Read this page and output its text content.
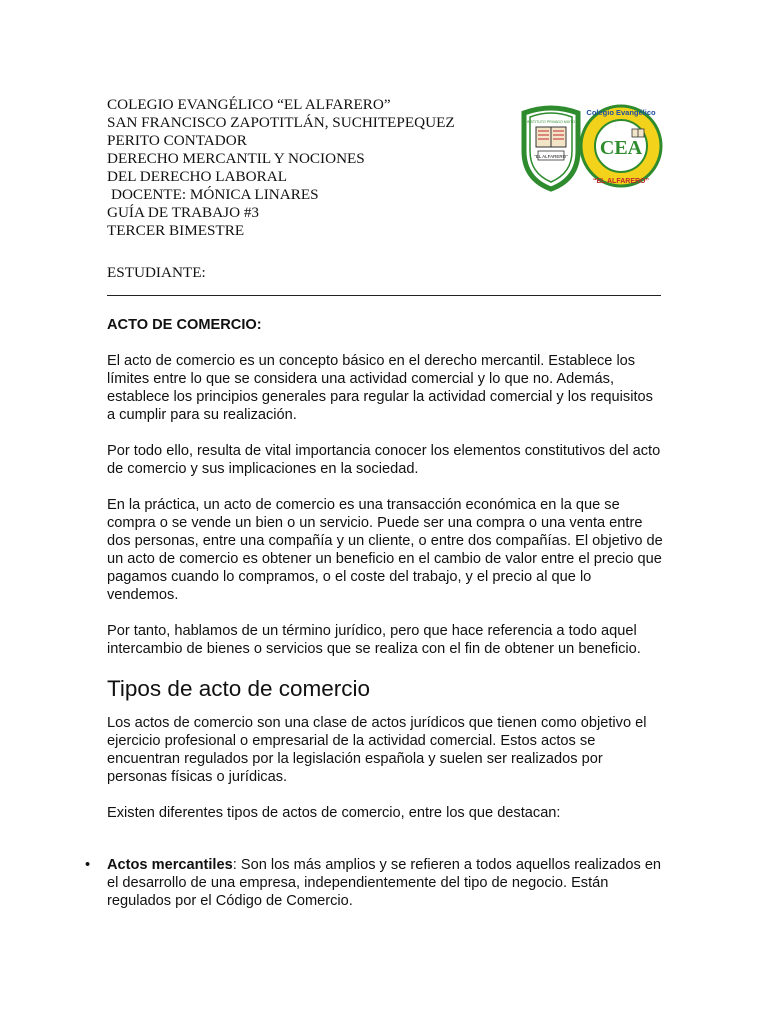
COLEGIO EVANGÉLICO “EL ALFARERO”
SAN FRANCISCO ZAPOTITLÁN, SUCHITEPEQUEZ
PERITO CONTADOR
DERECHO MERCANTIL Y NOCIONES
DEL DERECHO LABORAL
DOCENTE: MÓNICA LINARES
GUÍA DE TRABAJO #3
TERCER BIMESTRE
“EL ALFARERO”
INSTITUTO PRIVADO MIXTO
Colegio Evangélico
“EL ALFARERO”
CEA
ESTUDIANTE:
ACTO DE COMERCIO:

El acto de comercio es un concepto básico en el derecho mercantil. Establece los límites entre lo que se considera una actividad comercial y lo que no. Además, establece los principios generales para regular la actividad comercial y los requisitos a cumplir para su realización.

Por todo ello, resulta de vital importancia conocer los elementos constitutivos del acto de comercio y sus implicaciones en la sociedad.

En la práctica, un acto de comercio es una transacción económica en la que se compra o se vende un bien o un servicio. Puede ser una compra o una venta entre dos personas, entre una compañía y un cliente, o entre dos compañías. El objetivo de un acto de comercio es obtener un beneficio en el cambio de valor entre el precio que pagamos cuando lo compramos, o el coste del trabajo, y el precio al que lo vendemos.

Por tanto, hablamos de un término jurídico, pero que hace referencia a todo aquel intercambio de bienes o servicios que se realiza con el fin de obtener un beneficio.

Tipos de acto de comercio

Los actos de comercio son una clase de actos jurídicos que tienen como objetivo el ejercicio profesional o empresarial de la actividad comercial. Estos actos se encuentran regulados por la legislación española y suelen ser realizados por personas físicas o jurídicas.

Existen diferentes tipos de actos de comercio, entre los que destacan:

• Actos mercantiles: Son los más amplios y se refieren a todos aquellos realizados en el desarrollo de una empresa, independientemente del tipo de negocio. Están regulados por el Código de Comercio.
